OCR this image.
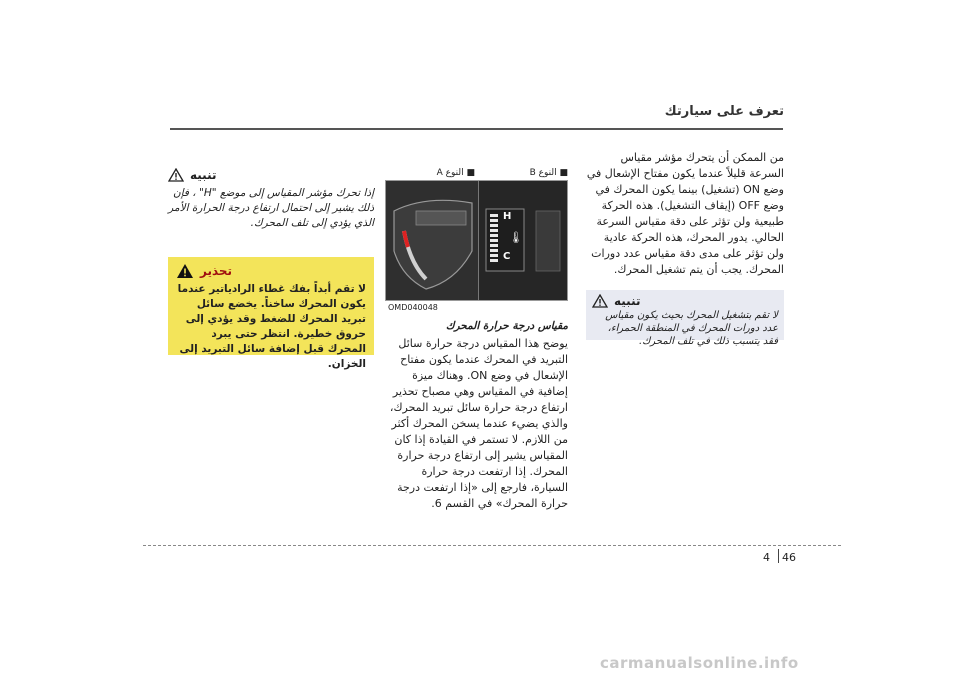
تعرف على سيارتك
تنبيه
إذا تحرك مؤشر المقياس إلى موضع "H" ، فإن ذلك يشير إلى احتمال ارتفاع درجة الحرارة الأمر الذي يؤدي إلى تلف المحرك.
تحذير
لا تقم أبداً بفك غطاء الرادياتير عندما يكون المحرك ساخناً. يخضع سائل تبريد المحرك للضغط وقد يؤدي إلى حروق خطيرة. انتظر حتى يبرد المحرك قبل إضافة سائل التبريد إلى الخزان.
■ النوع A	■ النوع B
H
C
🌡
OMD040048
مقياس درجة حرارة المحرك
يوضح هذا المقياس درجة حرارة سائل التبريد في المحرك عندما يكون مفتاح الإشعال في وضع ON. وهناك ميزة إضافية في المقياس وهي مصباح تحذير ارتفاع درجة حرارة سائل تبريد المحرك، والذي يضيء عندما يسخن المحرك أكثر من اللازم. لا تستمر في القيادة إذا كان المقياس يشير إلى ارتفاع درجة حرارة المحرك. إذا ارتفعت درجة حرارة السيارة، فارجع إلى «إذا ارتفعت درجة حرارة المحرك» في القسم 6.
من الممكن أن يتحرك مؤشر مقياس السرعة قليلاً عندما يكون مفتاح الإشعال في وضع ON (تشغيل) بينما يكون المحرك في وضع OFF (إيقاف التشغيل). هذه الحركة طبيعية ولن تؤثر على دقة مقياس السرعة الحالي. يدور المحرك، هذه الحركة عادية ولن تؤثر على مدى دقة مقياس عدد دورات المحرك. يجب أن يتم تشغيل المحرك.
تنبيه
لا تقم بتشغيل المحرك بحيث يكون مقياس عدد دورات المحرك في المنطقة الحمراء، فقد يتسبب ذلك في تلف المحرك.
4 46
carmanualsonline.info
